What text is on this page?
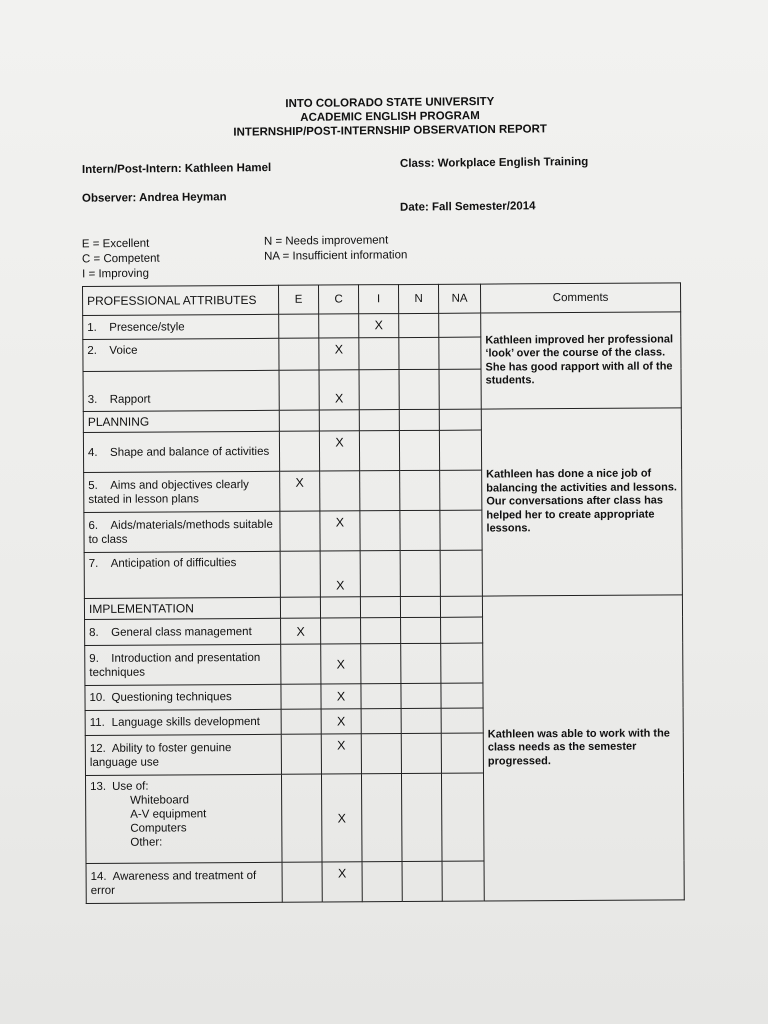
INTO COLORADO STATE UNIVERSITY
ACADEMIC ENGLISH PROGRAM
INTERNSHIP/POST-INTERNSHIP OBSERVATION REPORT
Intern/Post-Intern: Kathleen Hamel
Observer: Andrea Heyman
Class: Workplace English Training
Date: Fall Semester/2014
E = Excellent
C = Competent
I = Improving
N = Needs improvement
NA = Insufficient information
PROFESSIONAL ATTRIBUTES	E	C	I	N	NA	Comments
1. Presence/style			X			Kathleen improved her professional ‘look’ over the course of the class. She has good rapport with all of the students.
2. Voice		X				
3. Rapport		X				
PLANNING						Kathleen has done a nice job of balancing the activities and lessons. Our conversations after class has helped her to create appropriate lessons.
4. Shape and balance of activities		X				
5. Aims and objectives clearly stated in lesson plans	X					
6. Aids/materials/methods suitable to class		X				
7. Anticipation of difficulties		X				
IMPLEMENTATION						Kathleen was able to work with the class needs as the semester progressed.
8. General class management	X					
9. Introduction and presentation techniques		X				
10. Questioning techniques		X				
11. Language skills development		X				
12. Ability to foster genuine language use		X				
13. Use of:
Whiteboard
A-V equipment
Computers
Other:		X				
14. Awareness and treatment of error		X				
